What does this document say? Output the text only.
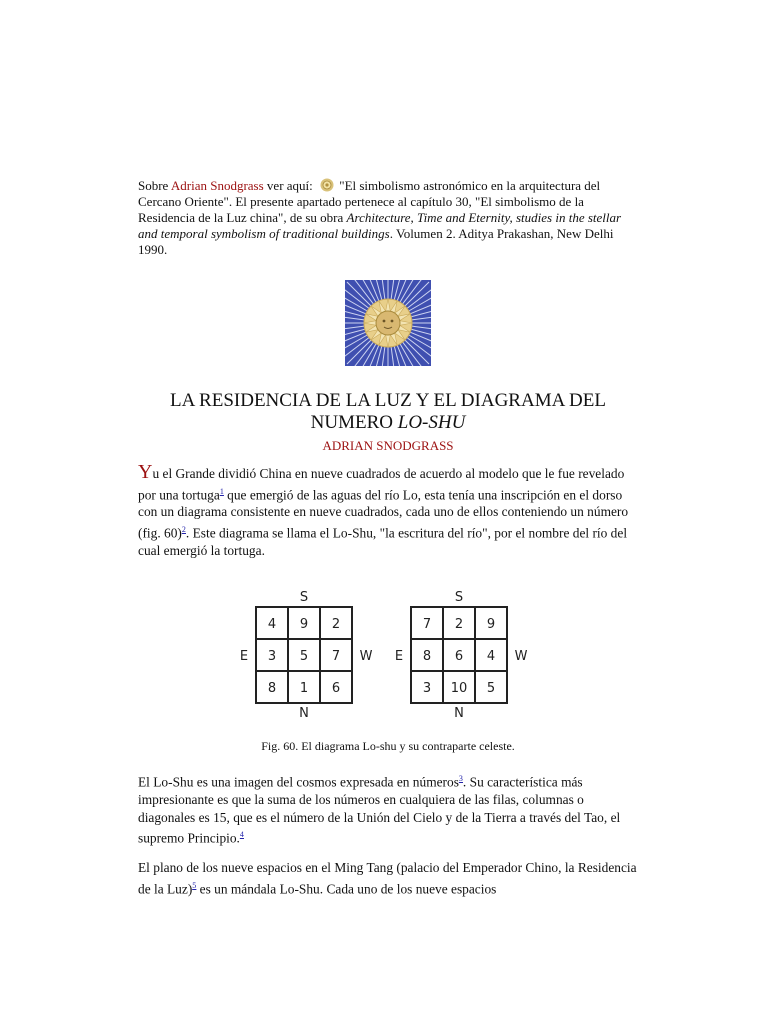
Sobre Adrian Snodgrass ver aquí:  "El simbolismo astronómico en la arquitectura del Cercano Oriente". El presente apartado pertenece al capítulo 30, "El simbolismo de la Residencia de la Luz china", de su obra Architecture, Time and Eternity, studies in the stellar and temporal symbolism of traditional buildings. Volumen 2. Aditya Prakashan, New Delhi 1990.

LA RESIDENCIA DE LA LUZ Y EL DIAGRAMA DEL NUMERO LO-SHU
ADRIAN SNODGRASS

Yu el Grande dividió China en nueve cuadrados de acuerdo al modelo que le fue revelado por una tortuga$^1$ que emergió de las aguas del río Lo, esta tenía una inscripción en el dorso con un diagrama consistente en nueve cuadrados, cada uno de ellos conteniendo un número (fig. 60)$^2$. Este diagrama se llama el Lo-Shu, "la escritura del río", por el nombre del río del cual emergió la tortuga.

S
N
E	W
4 9 2
3 5 7
8 1 6
S
N
E	W
7 2 9
8 6 4
3 10 5
Fig. 60. El diagrama Lo-shu y su contraparte celeste.

El Lo-Shu es una imagen del cosmos expresada en números$^3$. Su característica más impresionante es que la suma de los números en cualquiera de las filas, columnas o diagonales es 15, que es el número de la Unión del Cielo y de la Tierra a través del Tao, el supremo Principio.$^4$

El plano de los nueve espacios en el Ming Tang (palacio del Emperador Chino, la Residencia de la Luz)$^5$ es un mándala Lo-Shu. Cada uno de los nueve espacios
